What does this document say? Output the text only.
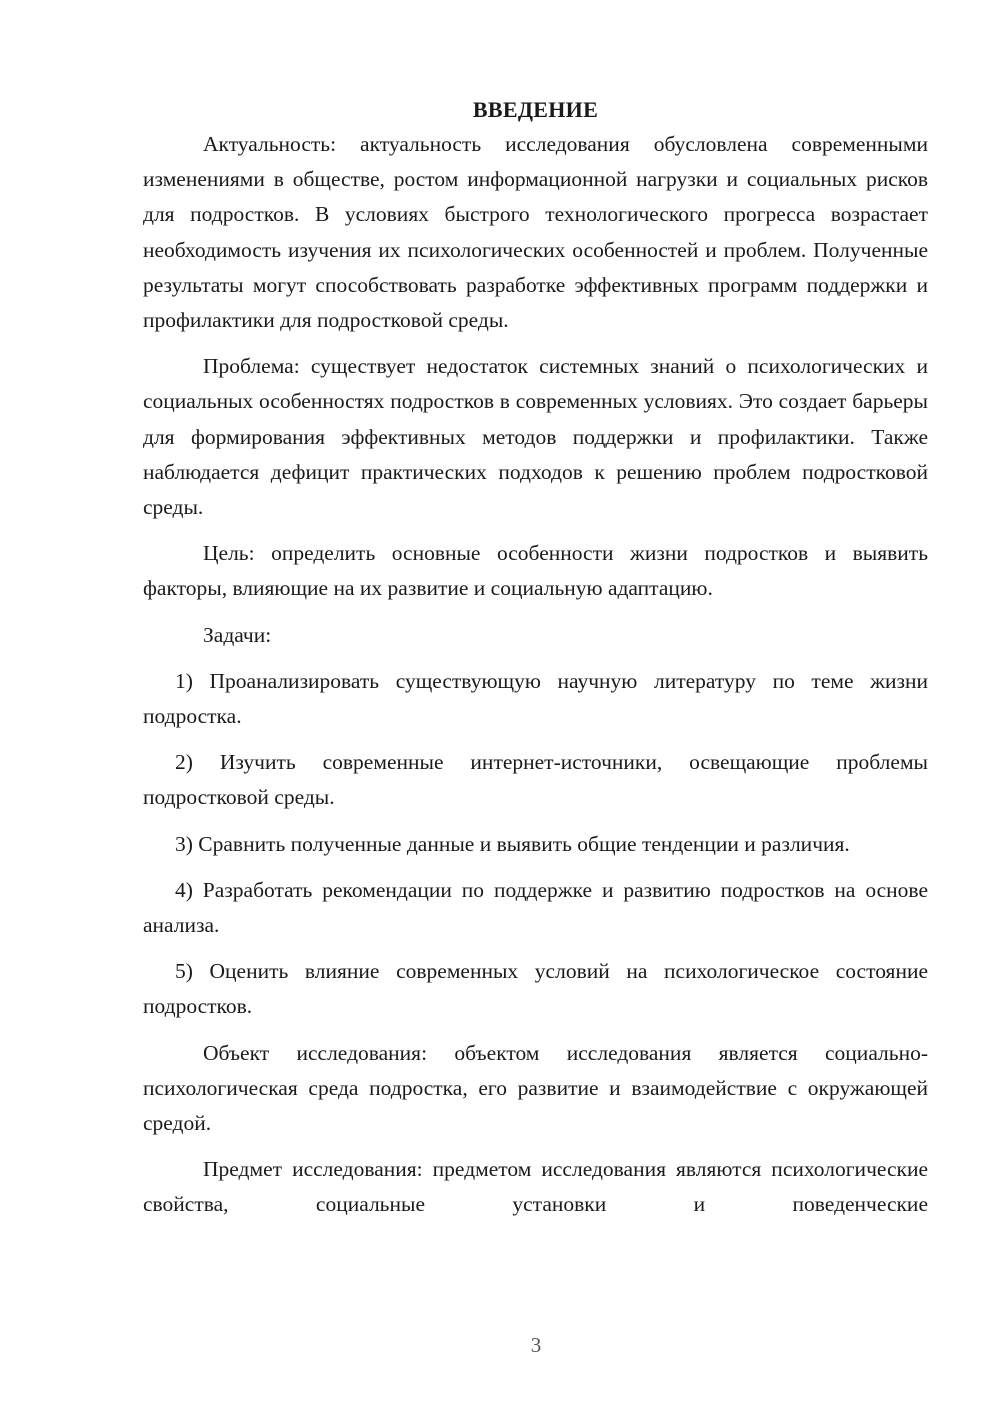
ВВЕДЕНИЕ

Актуальность: актуальность исследования обусловлена современными изменениями в обществе, ростом информационной нагрузки и социальных рисков для подростков. В условиях быстрого технологического прогресса возрастает необходимость изучения их психологических особенностей и проблем. Полученные результаты могут способствовать разработке эффективных программ поддержки и профилактики для подростковой среды.

Проблема: существует недостаток системных знаний о психологических и социальных особенностях подростков в современных условиях. Это создает барьеры для формирования эффективных методов поддержки и профилактики. Также наблюдается дефицит практических подходов к решению проблем подростковой среды.

Цель: определить основные особенности жизни подростков и выявить факторы, влияющие на их развитие и социальную адаптацию.

Задачи:

1) Проанализировать существующую научную литературу по теме жизни подростка.

2) Изучить современные интернет-источники, освещающие проблемы подростковой среды.

3) Сравнить полученные данные и выявить общие тенденции и различия.

4) Разработать рекомендации по поддержке и развитию подростков на основе анализа.

5) Оценить влияние современных условий на психологическое состояние подростков.

Объект исследования: объектом исследования является социально-психологическая среда подростка, его развитие и взаимодействие с окружающей средой.

Предмет исследования: предметом исследования являются психологические свойства, социальные установки и поведенческие

3
